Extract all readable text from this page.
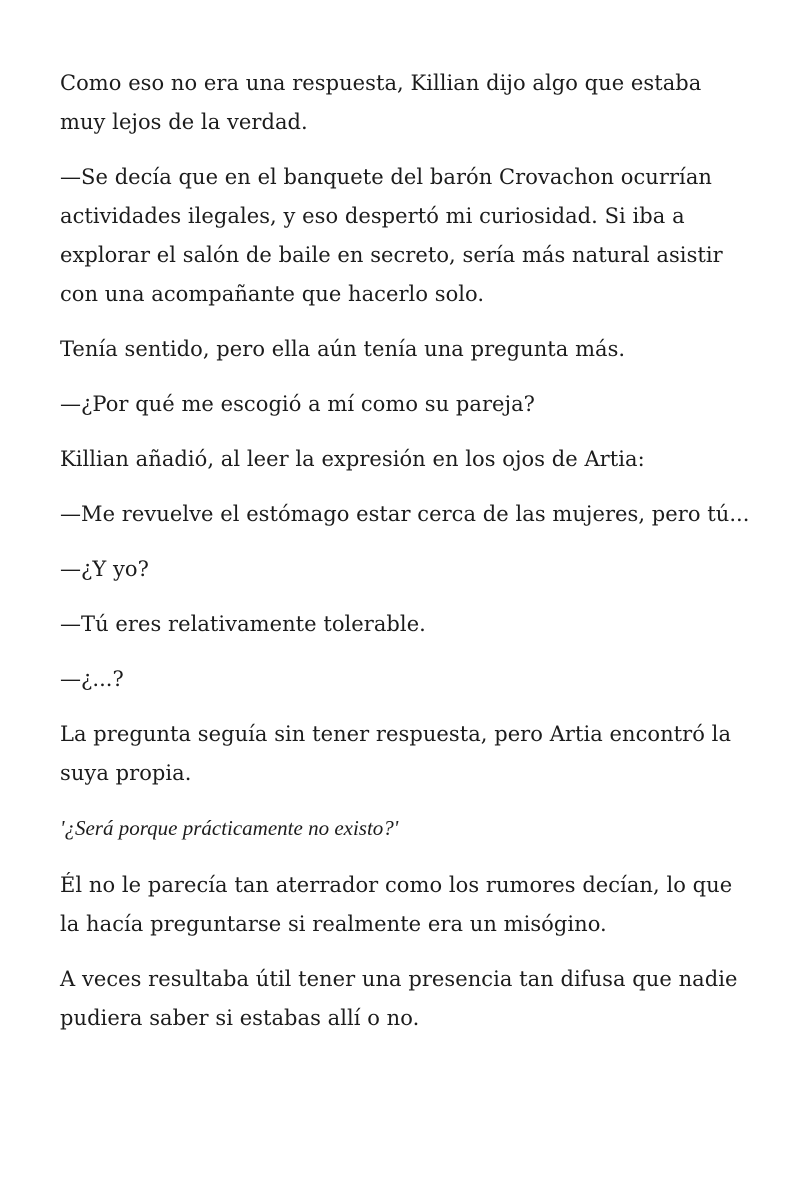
Como eso no era una respuesta, Killian dijo algo que estaba muy lejos de la verdad.

—Se decía que en el banquete del barón Crovachon ocurrían actividades ilegales, y eso despertó mi curiosidad. Si iba a explorar el salón de baile en secreto, sería más natural asistir con una acompañante que hacerlo solo.

Tenía sentido, pero ella aún tenía una pregunta más.

—¿Por qué me escogió a mí como su pareja?

Killian añadió, al leer la expresión en los ojos de Artia:

—Me revuelve el estómago estar cerca de las mujeres, pero tú...

—¿Y yo?

—Tú eres relativamente tolerable.

—¿...?

La pregunta seguía sin tener respuesta, pero Artia encontró la suya propia.

'¿Será porque prácticamente no existo?'

Él no le parecía tan aterrador como los rumores decían, lo que la hacía preguntarse si realmente era un misógino.

A veces resultaba útil tener una presencia tan difusa que nadie pudiera saber si estabas allí o no.
